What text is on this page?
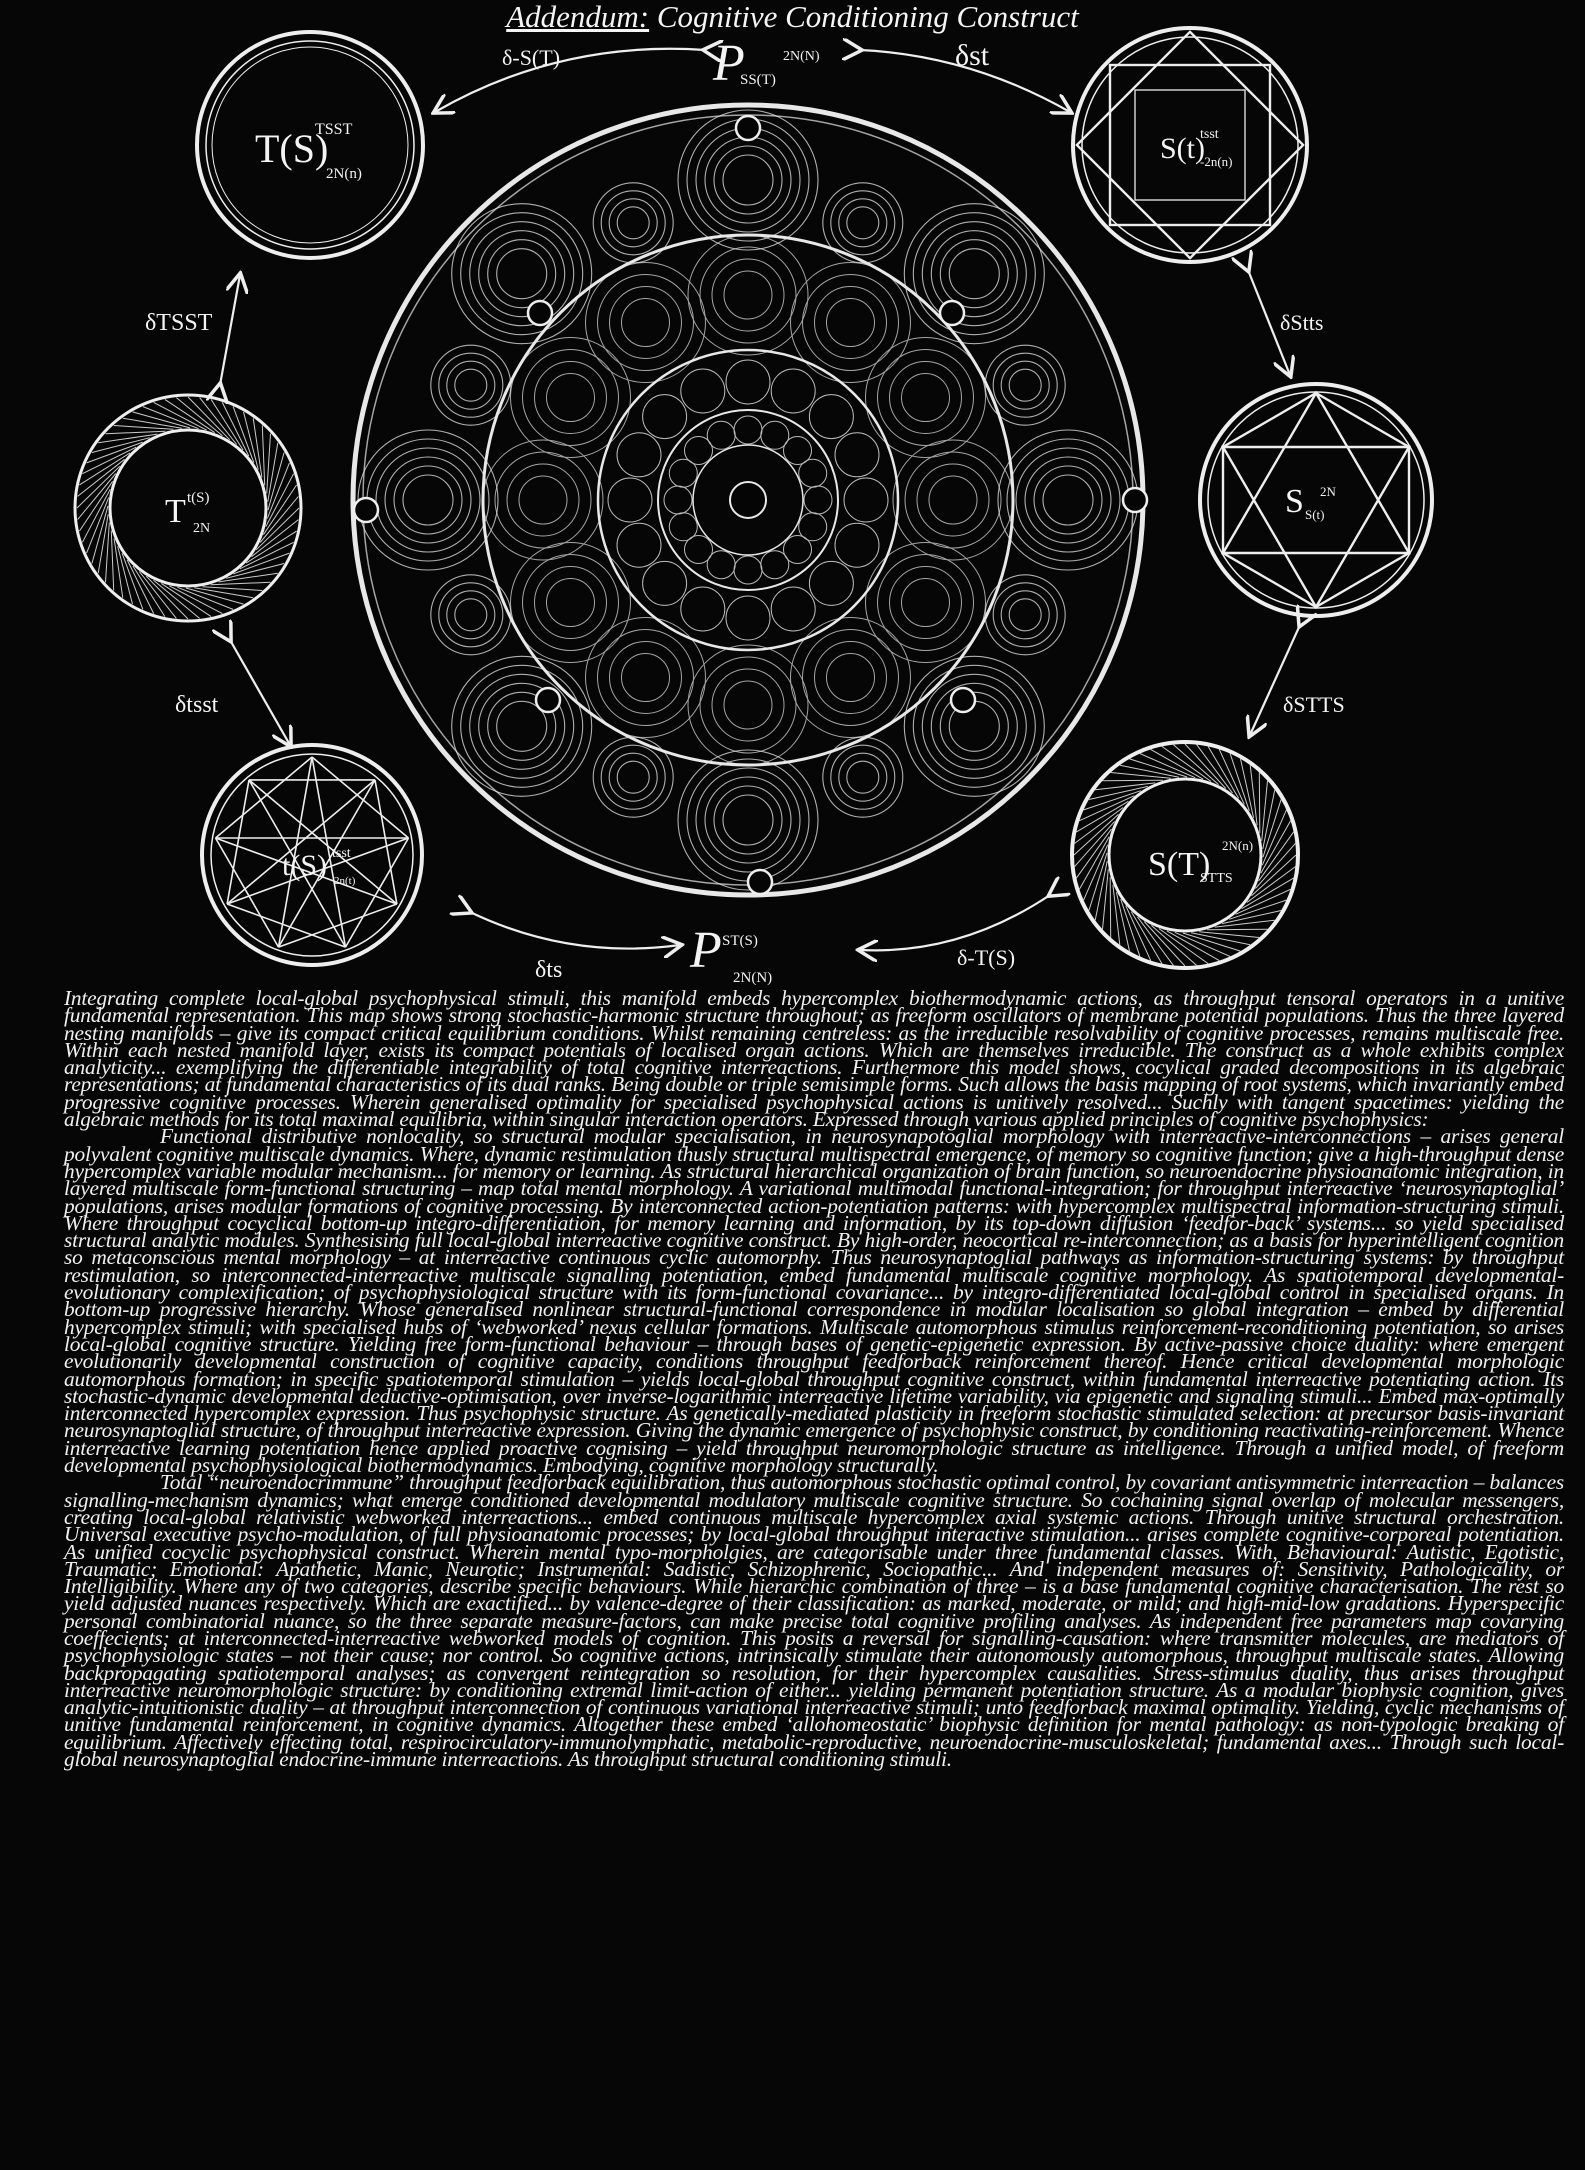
Addendum: Cognitive Conditioning Construct
P	2N(N)
SS(T)
P ST(S)
2N(N)
T(S)
TSST
2N(n)
S(t)
tsst
-2n(n)
T t(S)
2N
S 2N
S(t)
t(S) tsst
2n(t)	S(T)
2N(n)
STTS
δ-S(T)	δst
δTSST	δStts
δtsst	δSTTS
δts	δ-T(S)

Integrating complete local-global psychophysical stimuli, this manifold embeds hypercomplex biothermodynamic actions, as throughput tensoral operators in a unitive fundamental representation. This map shows strong stochastic-harmonic structure throughout; as freeform oscillators of membrane potential populations. Thus the three layered nesting manifolds – give its compact critical equilibrium conditions. Whilst remaining centreless: as the irreducible resolvability of cognitive processes, remains multiscale free. Within each nested manifold layer, exists its compact potentials of localised organ actions. Which are themselves irreducible. The construct as a whole exhibits complex analyticity... exemplifying the differentiable integrability of total cognitive interreactions. Furthermore this model shows, cocylical graded decompositions in its algebraic representations; at fundamental characteristics of its dual ranks. Being double or triple semisimple forms. Such allows the basis mapping of root systems, which invariantly embed progressive cognitive processes. Wherein generalised optimality for specialised psychophysical actions is unitively resolved... Suchly with tangent spacetimes: yielding the algebraic methods for its total maximal equilibria, within singular interaction operators. Expressed through various applied principles of cognitive psychophysics:

Functional distributive nonlocality, so structural modular specialisation, in neurosynapotoglial morphology with interreactive-interconnections – arises general polyvalent cognitive multiscale dynamics. Where, dynamic restimulation thusly structural multispectral emergence, of memory so cognitive function; give a high-throughput dense hypercomplex variable modular mechanism... for memory or learning. As structural hierarchical organization of brain function, so neuroendocrine physioanatomic integration, in layered multiscale form-functional structuring – map total mental morphology. A variational multimodal functional-integration; for throughput interreactive ‘neurosynaptoglial’ populations, arises modular formations of cognitive processing. By interconnected action-potentiation patterns: with hypercomplex multispectral information-structuring stimuli. Where throughput cocyclical bottom-up integro-differentiation, for memory learning and information, by its top-down diffusion ‘feedfor-back’ systems... so yield specialised structural analytic modules. Synthesising full local-global interreactive cognitive construct. By high-order, neocortical re-interconnection; as a basis for hyperintelligent cognition so metaconscious mental morphology – at interreactive continuous cyclic automorphy. Thus neurosynaptoglial pathways as information-structuring systems: by throughput restimulation, so interconnected-interreactive multiscale signalling potentiation, embed fundamental multiscale cognitive morphology. As spatiotemporal developmental-evolutionary complexification; of psychophysiological structure with its form-functional covariance... by integro-differentiated local-global control in specialised organs. In bottom-up progressive hierarchy. Whose generalised nonlinear structural-functional correspondence in modular localisation so global integration – embed by differential hypercomplex stimuli; with specialised hubs of ‘webworked’ nexus cellular formations. Multiscale automorphous stimulus reinforcement-reconditioning potentiation, so arises local-global cognitive structure. Yielding free form-functional behaviour – through bases of genetic-epigenetic expression. By active-passive choice duality: where emergent evolutionarily developmental construction of cognitive capacity, conditions throughput feedforback reinforcement thereof. Hence critical developmental morphologic automorphous formation; in specific spatiotemporal stimulation – yields local-global throughput cognitive construct, within fundamental interreactive potentiating action. Its stochastic-dynamic developmental deductive-optimisation, over inverse-logarithmic interreactive lifetime variability, via epigenetic and signaling stimuli... Embed max-optimally interconnected hypercomplex expression. Thus psychophysic structure. As genetically-mediated plasticity in freeform stochastic stimulated selection: at precursor basis-invariant neurosynaptoglial structure, of throughput interreactive expression. Giving the dynamic emergence of psychophysic construct, by conditioning reactivating-reinforcement. Whence interreactive learning potentiation hence applied proactive cognising – yield throughput neuromorphologic structure as intelligence. Through a unified model, of freeform developmental psychophysiological biothermodynamics. Embodying, cognitive morphology structurally.

Total “neuroendocrimmune” throughput feedforback equilibration, thus automorphous stochastic optimal control, by covariant antisymmetric interreaction – balances signalling-mechanism dynamics; what emerge conditioned developmental modulatory multiscale cognitive structure. So cochaining signal overlap of molecular messengers, creating local-global relativistic webworked interreactions... embed continuous multiscale hypercomplex axial systemic actions. Through unitive structural orchestration. Universal executive psycho-modulation, of full physioanatomic processes; by local-global throughput interactive stimulation... arises complete cognitive-corporeal potentiation. As unified cocyclic psychophysical construct. Wherein mental typo-morpholgies, are categorisable under three fundamental classes. With, Behavioural: Autistic, Egotistic, Traumatic; Emotional: Apathetic, Manic, Neurotic; Instrumental: Sadistic, Schizophrenic, Sociopathic... And independent measures of: Sensitivity, Pathologicality, or Intelligibility. Where any of two categories, describe specific behaviours. While hierarchic combination of three – is a base fundamental cognitive characterisation. The rest so yield adjusted nuances respectively. Which are exactified... by valence-degree of their classification: as marked, moderate, or mild; and high-mid-low gradations. Hyperspecific personal combinatorial nuance, so the three separate measure-factors, can make precise total cognitive profiling analyses. As independent free parameters map covarying coeffecients; at interconnected-interreactive webworked models of cognition. This posits a reversal for signalling-causation: where transmitter molecules, are mediators of psychophysiologic states – not their cause; nor control. So cognitive actions, intrinsically stimulate their autonomously automorphous, throughput multiscale states. Allowing backpropagating spatiotemporal analyses; as convergent reintegration so resolution, for their hypercomplex causalities. Stress-stimulus duality, thus arises throughput interreactive neuromorphologic structure: by conditioning extremal limit-action of either... yielding permanent potentiation structure. As a modular biophysic cognition, gives analytic-intuitionistic duality – at throughput interconnection of continuous variational interreactive stimuli; unto feedforback maximal optimality. Yielding, cyclic mechanisms of unitive fundamental reinforcement, in cognitive dynamics. Altogether these embed ‘allohomeostatic’ biophysic definition for mental pathology: as non-typologic breaking of equilibrium. Affectively effecting total, respirocirculatory-immunolymphatic, metabolic-reproductive, neuroendocrine-musculoskeletal; fundamental axes... Through such local-global neurosynaptoglial endocrine-immune interreactions. As throughput structural conditioning stimuli.
